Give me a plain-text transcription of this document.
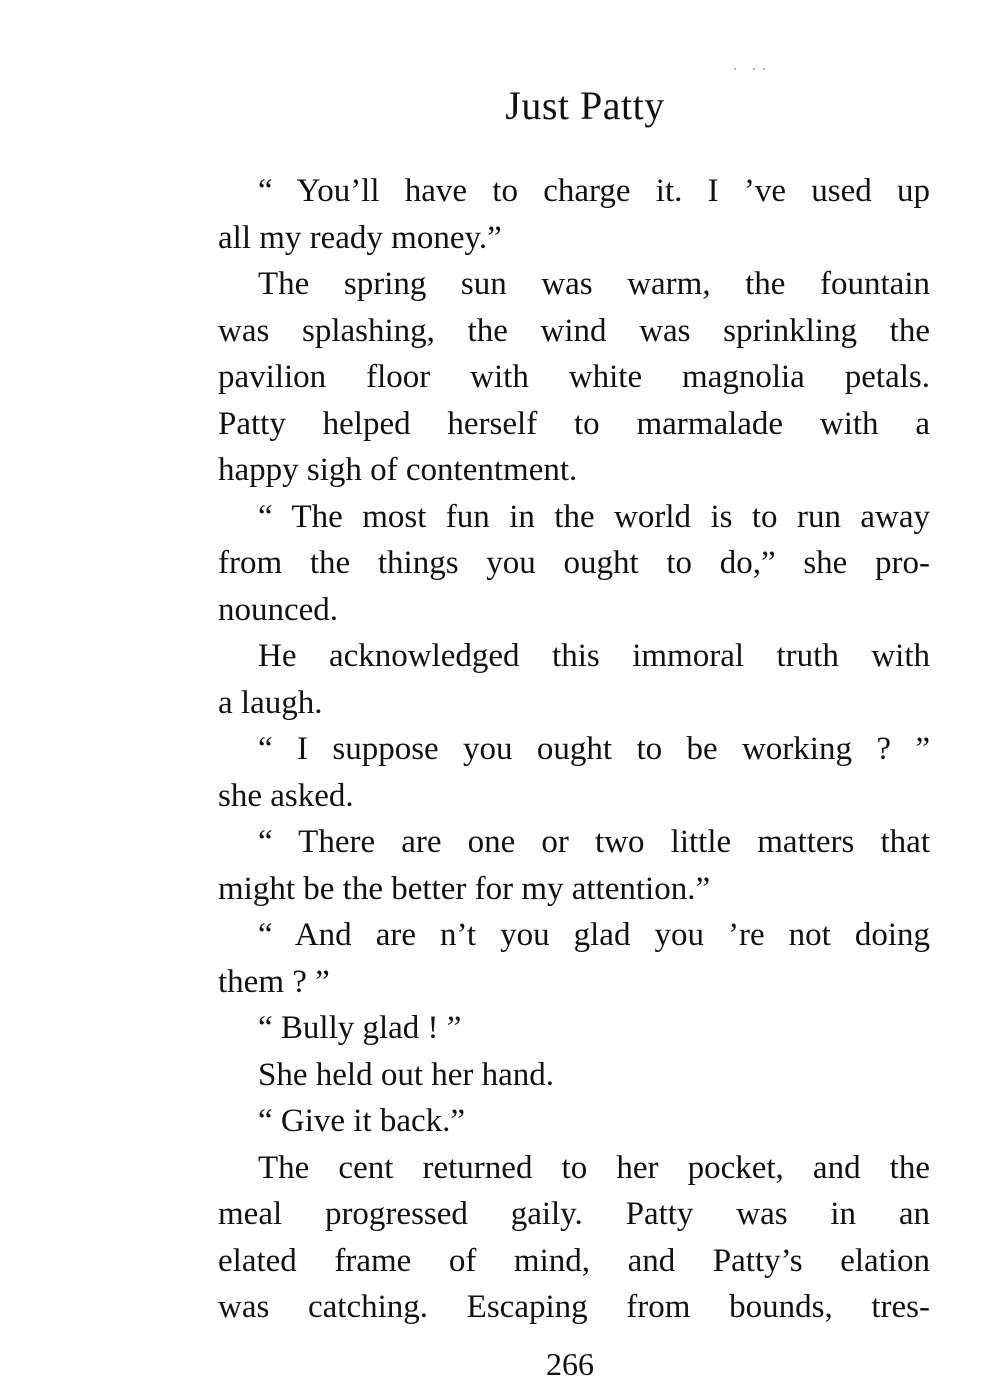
˴ ˴˴
Just Patty
“ You’ll have to charge it. I ’ve used up
all my ready money.”
The spring sun was warm, the fountain
was splashing, the wind was sprinkling the
pavilion floor with white magnolia petals.
Patty helped herself to marmalade with a
happy sigh of contentment.
“ The most fun in the world is to run away
from the things you ought to do,” she pro-
nounced.
He acknowledged this immoral truth with
a laugh.
“ I suppose you ought to be working ? ”
she asked.
“ There are one or two little matters that
might be the better for my attention.”
“ And are n’t you glad you ’re not doing
them ? ”
“ Bully glad ! ”
She held out her hand.
“ Give it back.”
The cent returned to her pocket, and the
meal progressed gaily. Patty was in an
elated frame of mind, and Patty’s elation
was catching. Escaping from bounds, tres-
266
